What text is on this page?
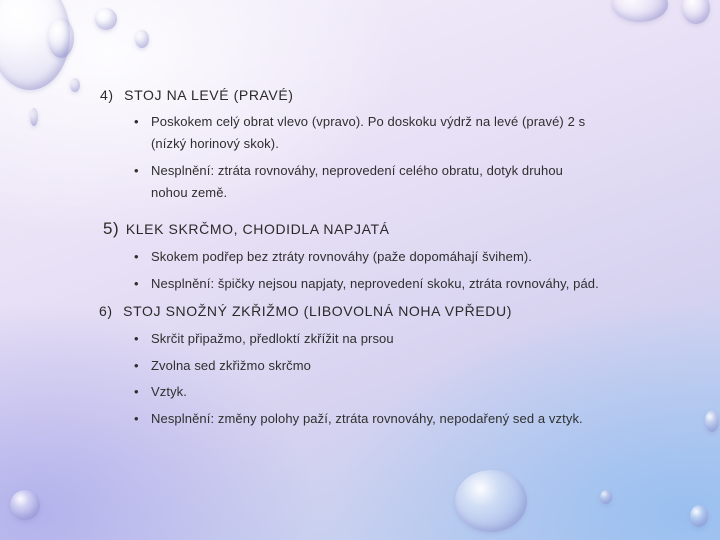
4) STOJ NA LEVÉ (PRAVÉ)
• Poskokem celý obrat vlevo (vpravo). Po doskoku výdrž na levé (pravé) 2 s
(nízký horinový skok).
• Nesplnění: ztráta rovnováhy, neprovedení celého obratu, dotyk druhou
nohou země.
5) KLEK SKRČMO, CHODIDLA NAPJATÁ
• Skokem podřep bez ztráty rovnováhy (paže dopomáhají švihem).
• Nesplnění: špičky nejsou napjaty, neprovedení skoku, ztráta rovnováhy, pád.
6) STOJ SNOŽNÝ ZKŘIŽMO (LIBOVOLNÁ NOHA VPŘEDU)
• Skrčit připažmo, předloktí zkřížit na prsou
• Zvolna sed zkřižmo skrčmo
• Vztyk.
• Nesplnění: změny polohy paží, ztráta rovnováhy, nepodařený sed a vztyk.
